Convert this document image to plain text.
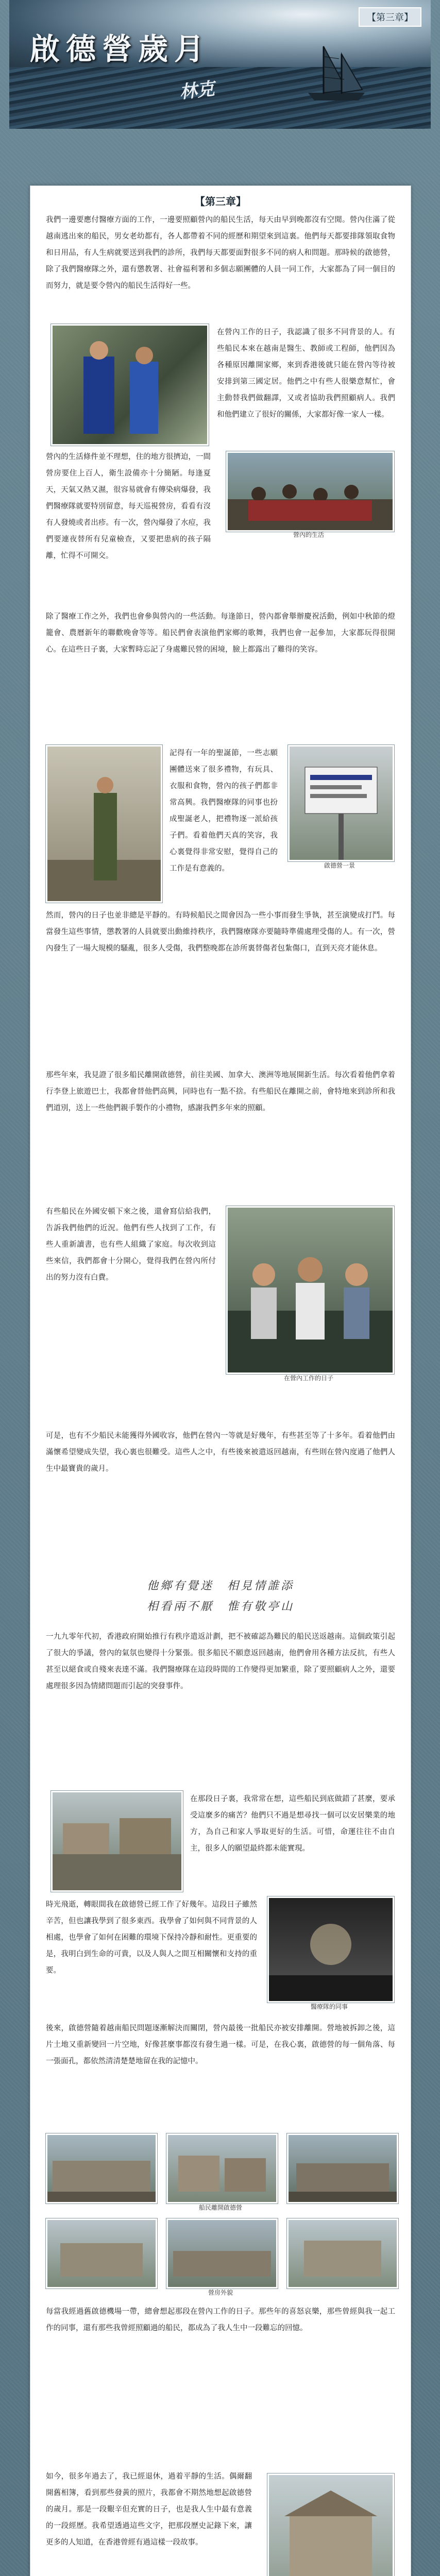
啟德營歲月
【第三章】
林克
【第三章】
我們一邊要應付醫療方面的工作，一邊要照顧營內的船民生活，每天由早到晚都沒有空閒。營內住滿了從越南逃出來的船民，男女老幼都有，各人都帶着不同的經歷和期望來到這裏。他們每天都要排隊領取食物和日用品，有人生病就要送到我們的診所，我們每天都要面對很多不同的病人和問題。那時候的啟德營，除了我們醫療隊之外，還有懲教署、社會福利署和多個志願團體的人員一同工作，大家都為了同一個目的而努力，就是要令營內的船民生活得好一些。
在營內工作的日子，我認識了很多不同背景的人。有些船民本來在越南是醫生、教師或工程師，他們因為各種原因離開家鄉，來到香港後就只能在營內等待被安排到第三國定居。他們之中有些人很樂意幫忙，會主動替我們做翻譯，又或者協助我們照顧病人。我們和他們建立了很好的關係，大家都好像一家人一樣。
營內的生活條件並不理想，住的地方很擠迫，一間營房要住上百人，衛生設備亦十分簡陋。每逢夏天，天氣又熱又濕，很容易就會有傳染病爆發，我們醫療隊就要特別留意，每天巡視營房，看看有沒有人發燒或者出疹。有一次，營內爆發了水痘，我們要連夜替所有兒童檢查，又要把患病的孩子隔離，忙得不可開交。
營內的生活
除了醫療工作之外，我們也會參與營內的一些活動。每逢節日，營內都會舉辦慶祝活動，例如中秋節的燈籠會、農曆新年的聯歡晚會等等。船民們會表演他們家鄉的歌舞，我們也會一起參加，大家都玩得很開心。在這些日子裏，大家暫時忘記了身處難民營的困境，臉上都露出了難得的笑容。
記得有一年的聖誕節，一些志願團體送來了很多禮物，有玩具、衣服和食物，營內的孩子們都非常高興。我們醫療隊的同事也扮成聖誕老人，把禮物逐一派給孩子們。看着他們天真的笑容，我心裏覺得非常安慰，覺得自己的工作是有意義的。	啟德營一景
然而，營內的日子也並非總是平靜的。有時候船民之間會因為一些小事而發生爭執，甚至演變成打鬥。每當發生這些事情，懲教署的人員就要出動維持秩序，我們醫療隊亦要隨時準備處理受傷的人。有一次，營內發生了一場大規模的騷亂，很多人受傷，我們整晚都在診所裏替傷者包紮傷口，直到天亮才能休息。
那些年來，我見證了很多船民離開啟德營，前往美國、加拿大、澳洲等地展開新生活。每次看着他們拿着行李登上旅遊巴士，我都會替他們高興，同時也有一點不捨。有些船民在離開之前，會特地來到診所和我們道別，送上一些他們親手製作的小禮物，感謝我們多年來的照顧。
有些船民在外國安頓下來之後，還會寫信給我們，告訴我們他們的近況。他們有些人找到了工作，有些人重新讀書，也有些人組織了家庭。每次收到這些來信，我們都會十分開心，覺得我們在營內所付出的努力沒有白費。
在營內工作的日子
可是，也有不少船民未能獲得外國收容，他們在營內一等就是好幾年，有些甚至等了十多年。看着他們由滿懷希望變成失望，我心裏也很難受。這些人之中，有些後來被遣返回越南，有些則在營內度過了他們人生中最寶貴的歲月。
他鄉有覺迷　相見情誰添
相看兩不厭　惟有敬亭山
一九九零年代初，香港政府開始推行有秩序遣返計劃，把不被確認為難民的船民送返越南。這個政策引起了很大的爭議，營內的氣氛也變得十分緊張。很多船民不願意返回越南，他們會用各種方法反抗，有些人甚至以絕食或自殘來表達不滿。我們醫療隊在這段時間的工作變得更加繁重，除了要照顧病人之外，還要處理很多因為情緒問題而引起的突發事件。
在那段日子裏，我常常在想，這些船民到底做錯了甚麼，要承受這麼多的痛苦？他們只不過是想尋找一個可以安居樂業的地方，為自己和家人爭取更好的生活。可惜，命運往往不由自主，很多人的願望最終都未能實現。
醫療隊的同事
時光飛逝，轉眼間我在啟德營已經工作了好幾年。這段日子雖然辛苦，但也讓我學到了很多東西。我學會了如何與不同背景的人相處，也學會了如何在困難的環境下保持冷靜和耐性。更重要的是，我明白到生命的可貴，以及人與人之間互相關懷和支持的重要。
後來，啟德營隨着越南船民問題逐漸解決而關閉，營內最後一批船民亦被安排離開。營地被拆卸之後，這片土地又重新變回一片空地，好像甚麼事都沒有發生過一樣。可是，在我心裏，啟德營的每一個角落、每一張面孔，都依然清清楚楚地留在我的記憶中。
船民離開啟德營
營房外貌
每當我經過舊啟德機場一帶，總會想起那段在營內工作的日子。那些年的喜怒哀樂，那些曾經與我一起工作的同事，還有那些我曾經照顧過的船民，都成為了我人生中一段難忘的回憶。
如今，很多年過去了，我已經退休，過着平靜的生活。偶爾翻開舊相簿，看到那些發黃的照片，我都會不期然地想起啟德營的歲月。那是一段艱辛但充實的日子，也是我人生中最有意義的一段經歷。我希望透過這些文字，把那段歷史記錄下來，讓更多的人知道，在香港曾經有過這樣一段故事。
